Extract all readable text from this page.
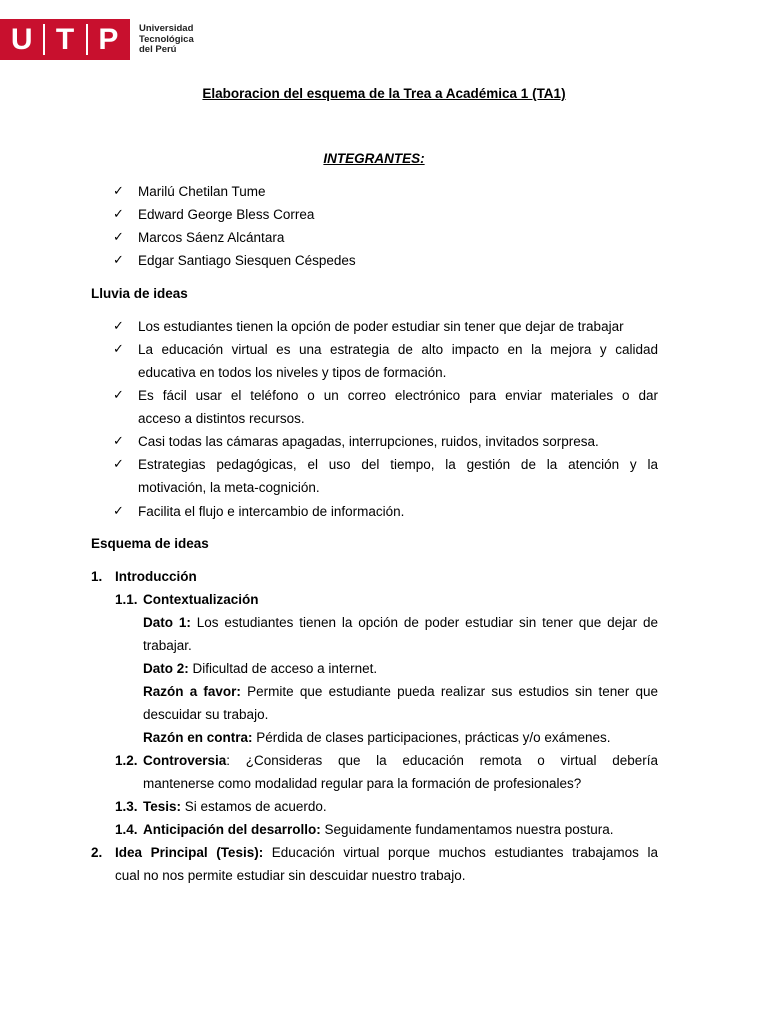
U T P	Universidad
Tecnológica
del Perú
Elaboracion del esquema de la Trea a Académica 1 (TA1)
INTEGRANTES:
✓ Marilú Chetilan Tume
✓ Edward George Bless Correa
✓ Marcos Sáenz Alcántara
✓ Edgar Santiago Siesquen Céspedes
Lluvia de ideas
✓ Los estudiantes tienen la opción de poder estudiar sin tener que dejar de trabajar
✓ La educación virtual es una estrategia de alto impacto en la mejora y calidad
educativa en todos los niveles y tipos de formación.
✓ Es fácil usar el teléfono o un correo electrónico para enviar materiales o dar
acceso a distintos recursos.
✓ Casi todas las cámaras apagadas, interrupciones, ruidos, invitados sorpresa.
✓ Estrategias pedagógicas, el uso del tiempo, la gestión de la atención y la
motivación, la meta-cognición.
✓ Facilita el flujo e intercambio de información.
Esquema de ideas
1. Introducción
1.1. Contextualización
Dato 1: Los estudiantes tienen la opción de poder estudiar sin tener que dejar de
trabajar.
Dato 2: Dificultad de acceso a internet.
Razón a favor: Permite que estudiante pueda realizar sus estudios sin tener que
descuidar su trabajo.
Razón en contra: Pérdida de clases participaciones, prácticas y/o exámenes.
1.2. Controversia: ¿Consideras que la educación remota o virtual debería
mantenerse como modalidad regular para la formación de profesionales?
1.3. Tesis: Si estamos de acuerdo.
1.4. Anticipación del desarrollo: Seguidamente fundamentamos nuestra postura.
2. Idea Principal (Tesis): Educación virtual porque muchos estudiantes trabajamos la
cual no nos permite estudiar sin descuidar nuestro trabajo.
